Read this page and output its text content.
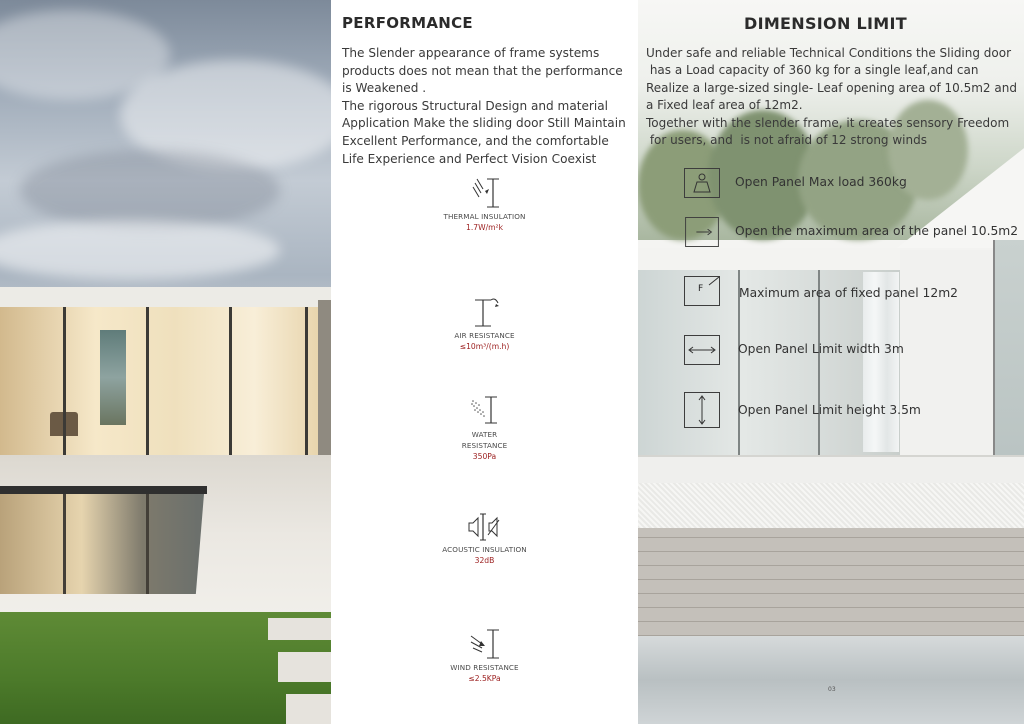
PERFORMANCE

The Slender appearance of frame systems

products does not mean that the performance

is Weakened .

The rigorous Structural Design and material

Application Make the sliding door Still Maintain

Excellent Performance, and the comfortable

Life Experience and Perfect Vision Coexist

THERMAL INSULATION
1.7W/m²k
AIR RESISTANCE
≤10m³/(m.h)
WATER
RESISTANCE
350Pa
ACOUSTIC INSULATION
32dB
WIND RESISTANCE
≤2.5KPa
DIMENSION LIMIT

Under safe and reliable Technical Conditions the Sliding door

has a Load capacity of 360 kg for a single leaf,and can

Realize a large-sized single- Leaf opening area of 10.5m2 and

a Fixed leaf area of 12m2.

Together with the slender frame, it creates sensory Freedom

for users, and  is not afraid of 12 strong winds

Open Panel Max load 360kg
Open the maximum area of the panel 10.5m2
F	Maximum area of fixed panel 12m2
Open Panel Limit width 3m
Open Panel Limit height 3.5m
03
